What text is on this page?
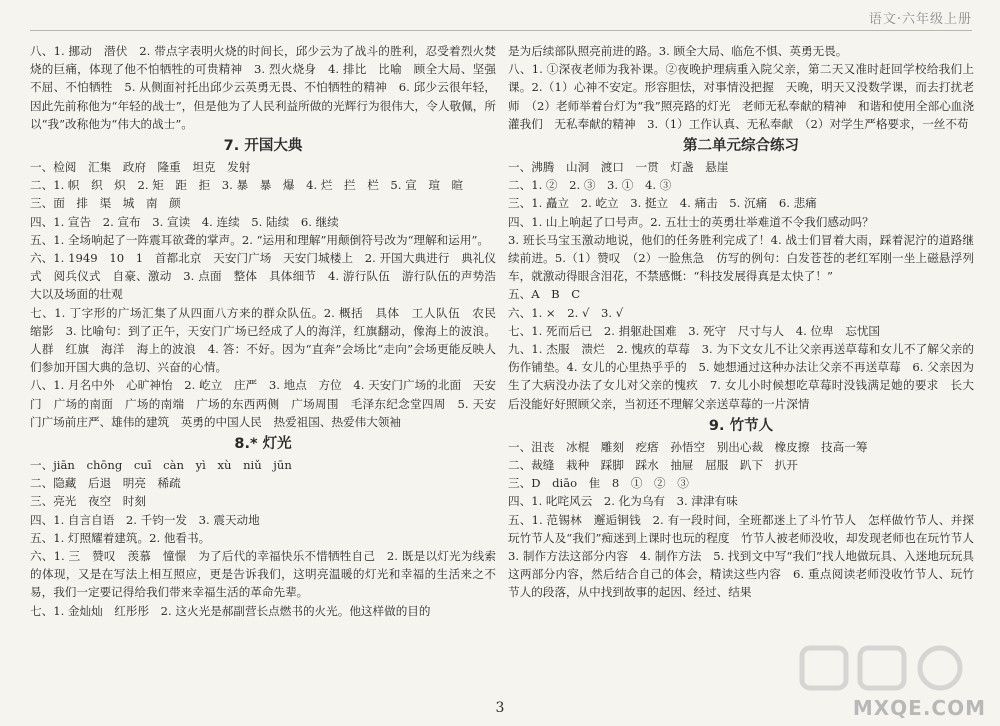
语文·六年级上册
八、1. 挪动　潜伏　2. 带点字表明火烧的时间长，邱少云为了战斗的胜利，忍受着烈火焚烧的巨痛，体现了他不怕牺牲的可贵精神　3. 烈火烧身　4. 排比　比喻　顾全大局、坚强不屈、不怕牺牲　5. 从侧面衬托出邱少云英勇无畏、不怕牺牲的精神　6. 邱少云很年轻，因此先前称他为“年轻的战士”，但是他为了人民利益所做的光辉行为很伟大，令人敬佩，所以“我”改称他为“伟大的战士”。
7. 开国大典
一、检阅　汇集　政府　隆重　坦克　发射
二、1. 帜　织　炽　2. 矩　距　拒　3. 暴　暴　爆　4. 烂　拦　栏　5. 宣　瑄　暄
三、面　排　渠　城　南　颜
四、1. 宣告　2. 宣布　3. 宣读　4. 连续　5. 陆续　6. 继续
五、1. 全场响起了一阵震耳欲聋的掌声。2. “运用和理解”用颠倒符号改为“理解和运用”。
六、1. 1949　10　1　首都北京　天安门广场　天安门城楼上　2. 开国大典进行　典礼仪式　阅兵仪式　自豪、激动　3. 点面　整体　具体细节　4. 游行队伍　游行队伍的声势浩大以及场面的壮观
七、1. 丁字形的广场汇集了从四面八方来的群众队伍。2. 概括　具体　工人队伍　农民　缩影　3. 比喻句：到了正午，天安门广场已经成了人的海洋，红旗翻动，像海上的波浪。人群　红旗　海洋　海上的波浪　4. 答：不好。因为“直奔”会场比“走向”会场更能反映人们参加开国大典的急切、兴奋的心情。
八、1. 月名中外　心旷神怡　2. 屹立　庄严　3. 地点　方位　4. 天安门广场的北面　天安门　广场的南面　广场的南端　广场的东西两侧　广场周围　毛泽东纪念堂四周　5. 天安门广场前庄严、雄伟的建筑　英勇的中国人民　热爱祖国、热爱伟大领袖
8.* 灯光
一、jiān　chōng　cuī　càn　yì　xù　niǔ　jūn
二、隐藏　后退　明亮　稀疏
三、亮光　夜空　时刻
四、1. 自言自语　2. 千钧一发　3. 震天动地
五、1. 灯照耀着建筑。2. 他看书。
六、1. 三　赞叹　羡慕　憧憬　为了后代的幸福快乐不惜牺牲自己　2. 既是以灯光为线索的体现，又是在写法上相互照应，更是告诉我们，这明亮温暖的灯光和幸福的生活来之不易，我们一定要记得给我们带来幸福生活的革命先辈。
七、1. 金灿灿　红彤彤　2. 这火光是郝副营长点燃书的火光。他这样做的目的
是为后续部队照亮前进的路。3. 顾全大局、临危不惧、英勇无畏。
八、1. ①深夜老师为我补课。②夜晚护理病重入院父亲，第二天又准时赶回学校给我们上课。2.（1）心神不安定。形容胆怯，对事情没把握　天晚，明天又没数学课，而去打扰老师　（2）老师举着台灯为“我”照亮路的灯光　老师无私奉献的精神　和谐和使用全部心血浇灌我们　无私奉献的精神　3.（1）工作认真、无私奉献　（2）对学生严格要求，一丝不苟
第二单元综合练习
一、沸腾　山洞　渡口　一贯　灯盏　悬崖
二、1. ②　2. ③　3. ①　4. ③
三、1. 矗立　2. 屹立　3. 挺立　4. 痛击　5. 沉痛　6. 悲痛
四、1. 山上响起了口号声。2. 五壮士的英勇壮举难道不令我们感动吗？
3. 班长马宝玉激动地说，他们的任务胜利完成了！4. 战士们冒着大雨，踩着泥泞的道路继续前进。5.（1）赞叹　（2）一脸焦急　仿写的例句：白发苍苍的老红军刚一坐上磁悬浮列车，就激动得眼含泪花，不禁感慨：“科技发展得真是太快了！”
五、A　B　C
六、1. ×　2. √　3. √
七、1. 死而后已　2. 捐躯赴国难　3. 死守　尺寸与人　4. 位卑　忘忧国
九、1. 杰服　溃烂　2. 愧疚的草莓　3. 为下文女儿不让父亲再送草莓和女儿不了解父亲的伤作铺垫。4. 女儿的心里热乎乎的　5. 她想通过这种办法让父亲不再送草莓　6. 父亲因为生了大病没办法了女儿对父亲的愧疚　7. 女儿小时候想吃草莓时没钱满足她的要求　长大后没能好好照顾父亲，当初还不理解父亲送草莓的一片深情
9. 竹节人
一、沮丧　冰棍　雕刻　疙瘩　孙悟空　别出心裁　橡皮擦　技高一筹
二、裁缝　栽种　踩脚　踩水　抽屉　屈服　趴下　扒开
三、D　diāo　隹　8　①　②　③
四、1. 叱咤风云　2. 化为乌有　3. 津津有味
五、1. 范锡林　邂逅铜钱　2. 有一段时间，全班都迷上了斗竹节人　怎样做竹节人、并探玩竹节人及“我们”痴迷到上课时也玩的程度　竹节人被老师没收，却发现老师也在玩竹节人　3. 制作方法这部分内容　4. 制作方法　5. 找到文中写“我们”找人地做玩具、入迷地玩玩具这两部分内容，然后结合自己的体会，精读这些内容　6. 重点阅读老师没收竹节人、玩竹节人的段落，从中找到故事的起因、经过、结果
3	MXQE.COM
